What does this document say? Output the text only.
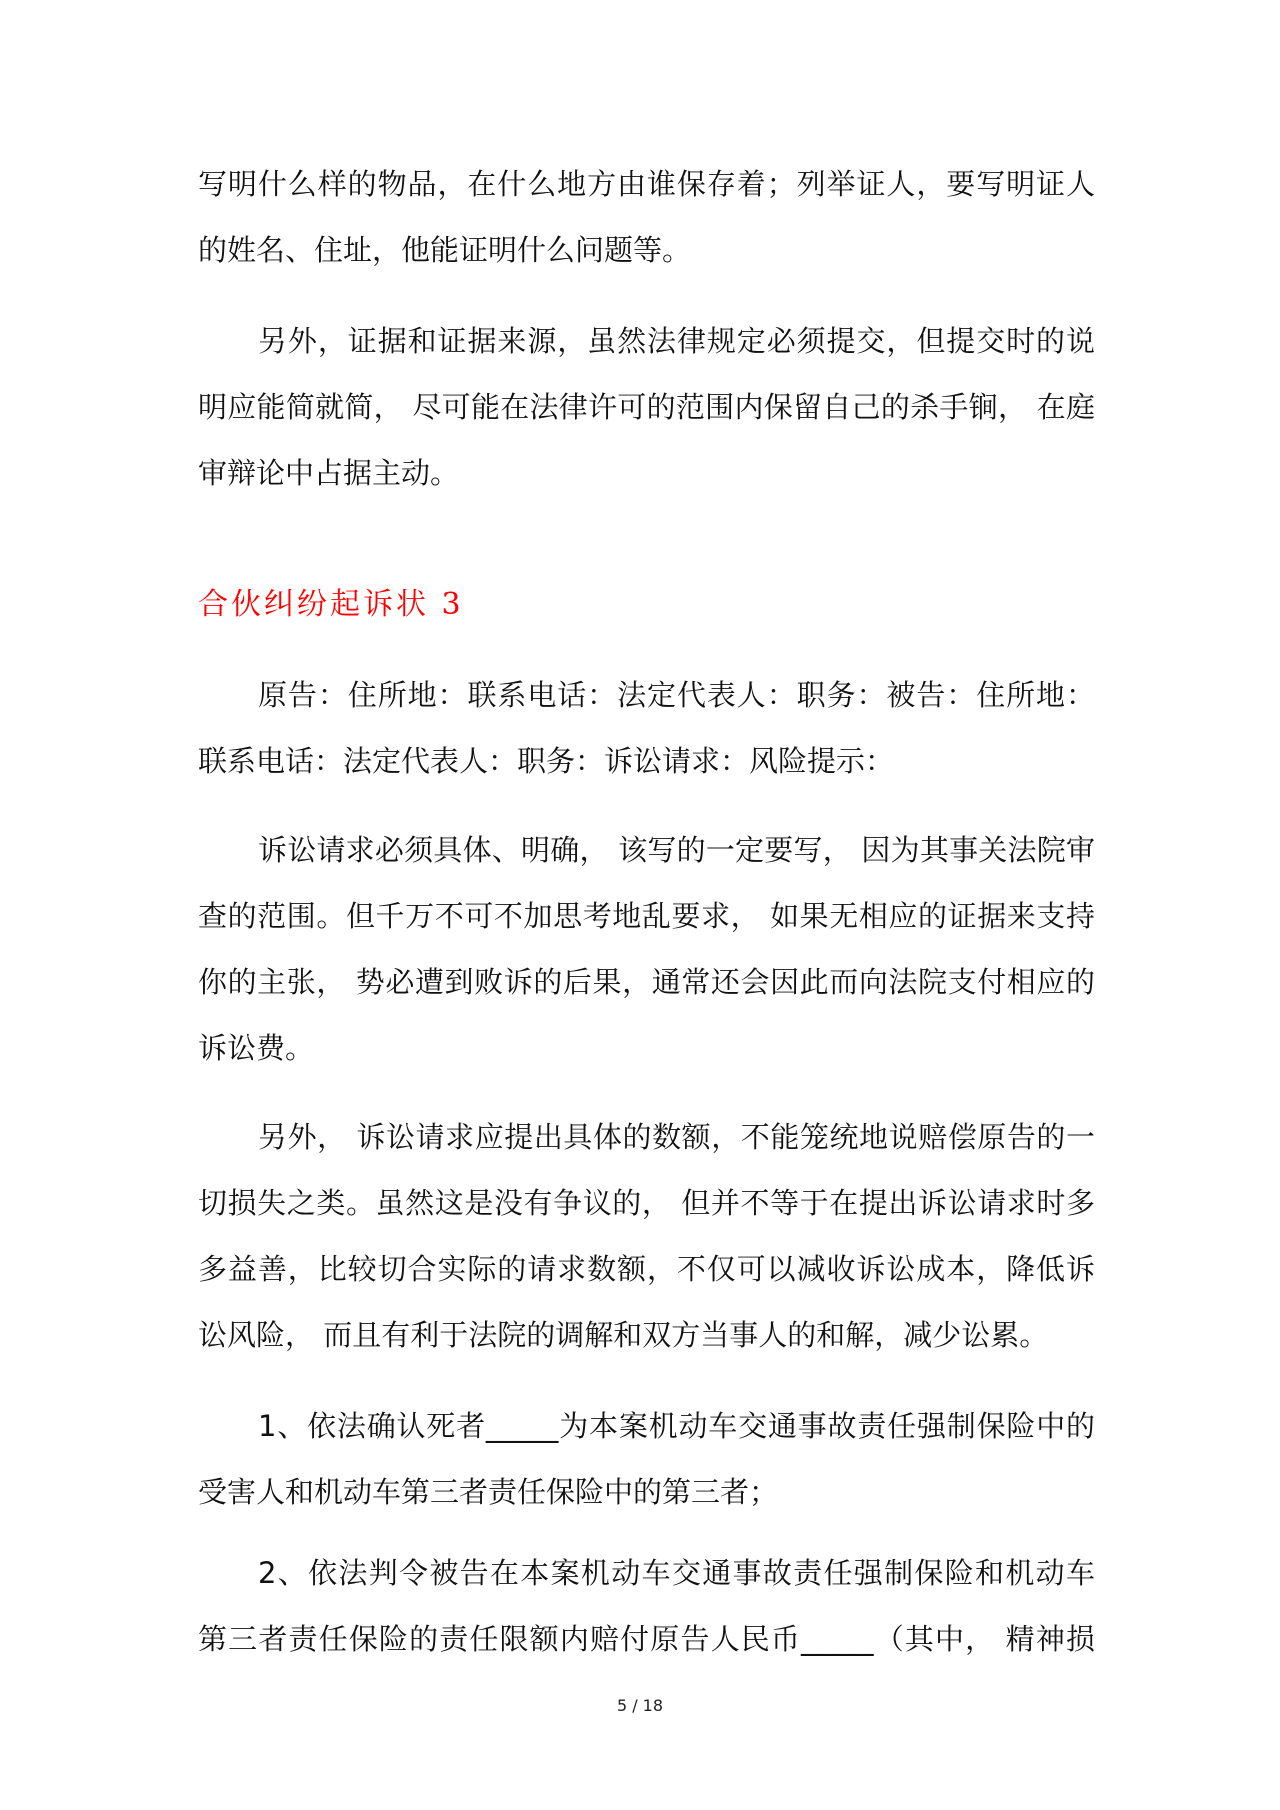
写明什么样的物品，在什么地方由谁保存着；列举证人，要写明证人
的姓名、住址，他能证明什么问题等。
另外，证据和证据来源，虽然法律规定必须提交，但提交时的说
明应能简就简， 尽可能在法律许可的范围内保留自己的杀手锏， 在庭
审辩论中占据主动。
合伙纠纷起诉状 3
原告：住所地：联系电话：法定代表人：职务：被告：住所地：
联系电话：法定代表人：职务：诉讼请求：风险提示：
诉讼请求必须具体、明确， 该写的一定要写， 因为其事关法院审
查的范围。但千万不可不加思考地乱要求， 如果无相应的证据来支持
你的主张， 势必遭到败诉的后果，通常还会因此而向法院支付相应的
诉讼费。
另外， 诉讼请求应提出具体的数额，不能笼统地说赔偿原告的一
切损失之类。虽然这是没有争议的， 但并不等于在提出诉讼请求时多
多益善，比较切合实际的请求数额，不仅可以减收诉讼成本，降低诉
讼风险， 而且有利于法院的调解和双方当事人的和解，减少讼累。
1、依法确认死者_____为本案机动车交通事故责任强制保险中的
受害人和机动车第三者责任保险中的第三者；
2、依法判令被告在本案机动车交通事故责任强制保险和机动车
第三者责任保险的责任限额内赔付原告人民币_____（其中， 精神损
5 / 18
